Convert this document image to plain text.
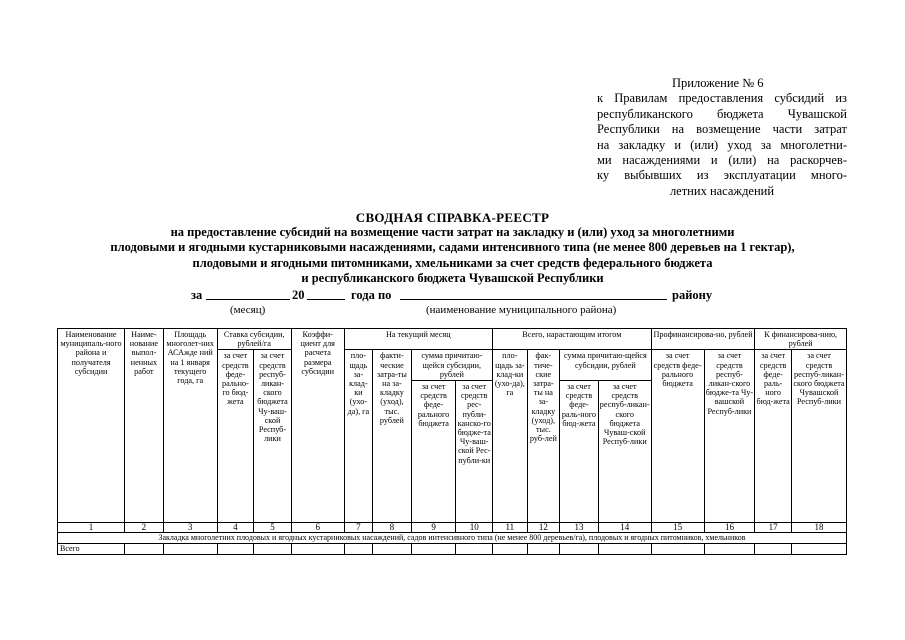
Приложение № 6
к Правилам предоставления субсидий из
республиканского бюджета Чувашской
Республики на возмещение части затрат
на закладку и (или) уход за многолетни-
ми насаждениями и (или) на раскорчев-
ку выбывших из эксплуатации много-
летних насаждений
СВОДНАЯ СПРАВКА-РЕЕСТР
на предоставление субсидий на возмещение части затрат на закладку и (или) уход за многолетними
плодовыми и ягодными кустарниковыми насаждениями, садами интенсивного типа (не менее 800 деревьев на 1 гектар),
плодовыми и ягодными питомниками, хмельниками за счет средств федерального бюджета
и республиканского бюджета Чувашской Республики
за	20	года по	району
(месяц)	(наименование муниципального района)
Наименование муниципаль-ного района и получателя субсидии	Наиме-нование выпол-ненных работ	Площадь многолет-них АСАжде ний на 1 января текущего года, га	Ставка субсидии, рублей/га		Коэффи-циент для расчета размера субсидии	На текущий месяц				Всего, нарастающим итогом				Профинансирова-но, рублей		К финансирова-нию, рублей	
			за счет средств феде-рально-го бюд-жета	за счет средств респуб-ликан-ского бюджета Чу-ваш-ской Респуб-лики		пло-щадь за-клад-ки (ухо-да), га	факти-ческие затра-ты на за-кладку (уход), тыс. рублей	сумма причитаю-щейся субсидии, рублей		пло-щадь за-клад-ки (ухо-да), га	фак-тиче-ские затра-ты на за-кладку (уход), тыс. руб-лей	сумма причитаю-щейся субсидии, рублей		за счет средств феде-рального бюджета	за счет средств респуб-ликан-ского бюдже-та Чу-вашской Респуб-лики	за счет средств феде-раль-ного бюд-жета	за счет средств респуб-ликан-ского бюджета Чувашской Респуб-лики
								за счет средств феде-рального бюджета	за счет средств рес-публи-канско-го бюдже-та Чу-ваш-ской Рес-публи-ки			за счет средств феде-раль-ного бюд-жета	за счет средств респуб-ликан-ского бюджета Чуваш-ской Респуб-лики				
1	2	3	4	5	6	7	8	9	10	11	12	13	14	15	16	17	18
Закладка многолетних плодовых и ягодных кустарниковых насаждений, садов интенсивного типа (не менее 800 деревьев/га), плодовых и ягодных питомников, хмельников																	
Всего																	
